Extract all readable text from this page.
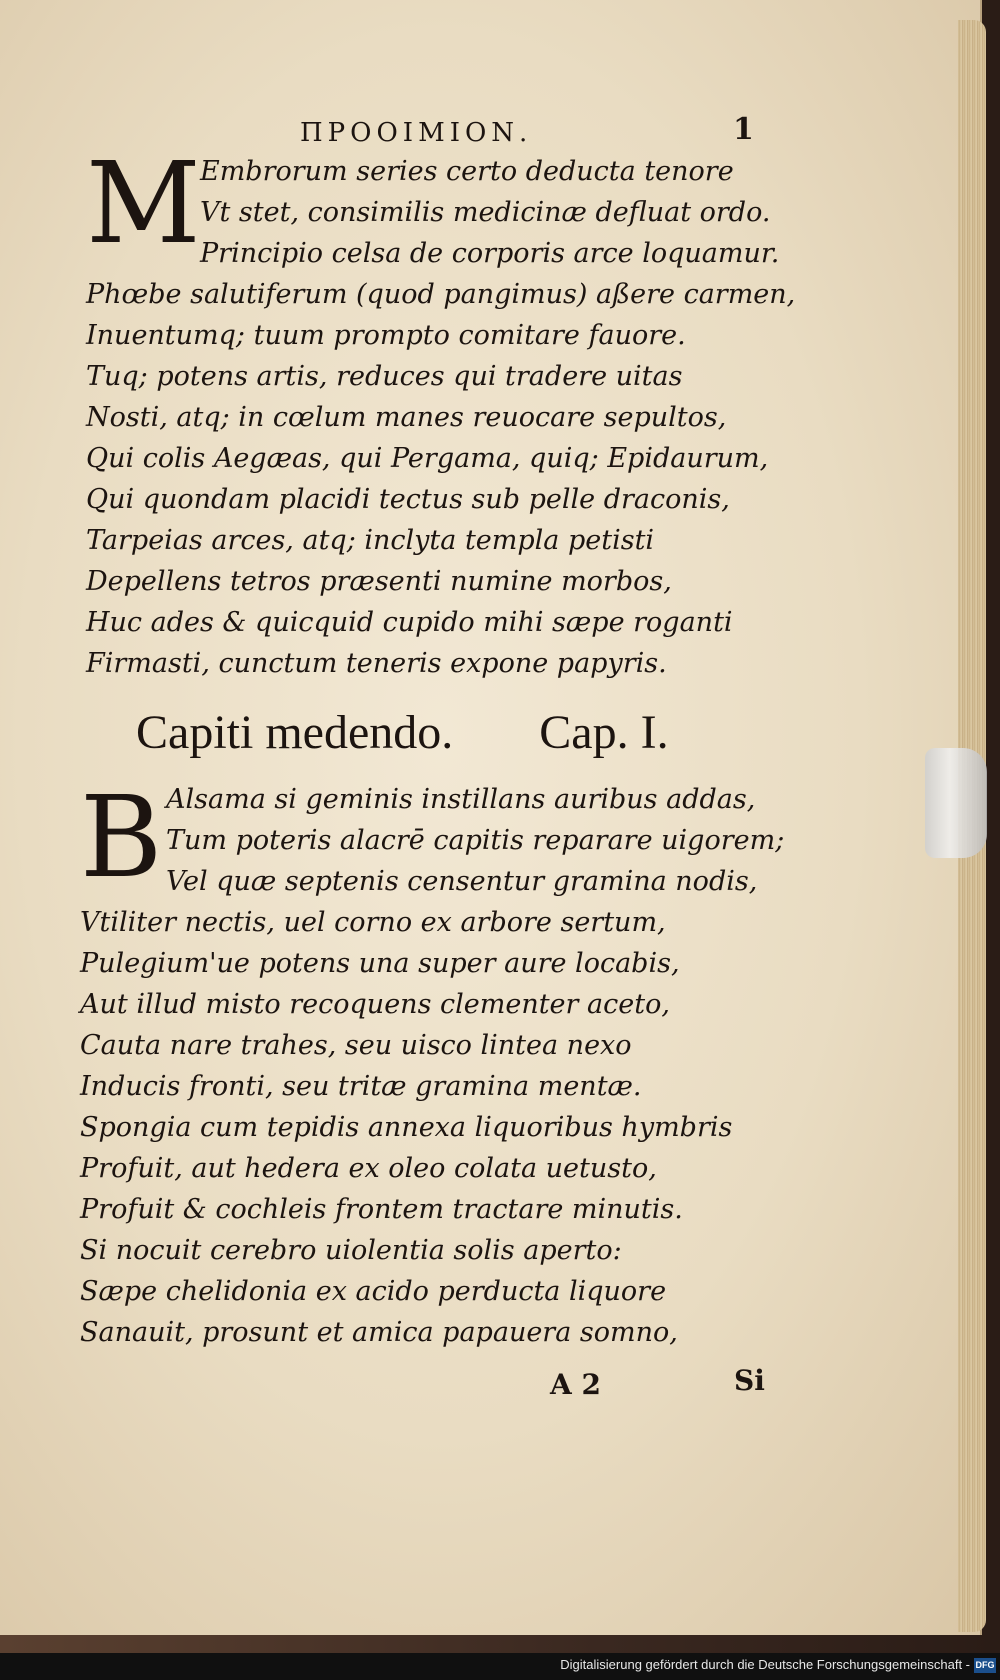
ΠΡΟΟΙΜΙΟΝ.	1
M Embrorum series certo deducta tenore
Vt stet, consimilis medicinæ defluat ordo.
Principio celsa de corporis arce loquamur.
Phœbe salutiferum (quod pangimus) aßere carmen,
Inuentumq; tuum prompto comitare fauore.
Tuq; potens artis, reduces qui tradere uitas
Nosti, atq; in cœlum manes reuocare sepultos,
Qui colis Aegæas, qui Pergama, quiq; Epidaurum,
Qui quondam placidi tectus sub pelle draconis,
Tarpeias arces, atq; inclyta templa petisti
Depellens tetros præsenti numine morbos,
Huc ades & quicquid cupido mihi sæpe roganti
Firmasti, cunctum teneris expone papyris.
Capiti medendo. Cap. I.
B Alsama si geminis instillans auribus addas,
Tum poteris alacrē capitis reparare uigorem;
Vel quæ septenis censentur gramina nodis,
Vtiliter nectis, uel corno ex arbore sertum,
Pulegium'ue potens una super aure locabis,
Aut illud misto recoquens clementer aceto,
Cauta nare trahes, seu uisco lintea nexo
Inducis fronti, seu tritæ gramina mentæ.
Spongia cum tepidis annexa liquoribus hymbris
Profuit, aut hedera ex oleo colata uetusto,
Profuit & cochleis frontem tractare minutis.
Si nocuit cerebro uiolentia solis aperto:
Sæpe chelidonia ex acido perducta liquore
Sanauit, prosunt et amica papauera somno,
A 2	Si
Digitalisierung gefördert durch die Deutsche Forschungsgemeinschaft - DFG
